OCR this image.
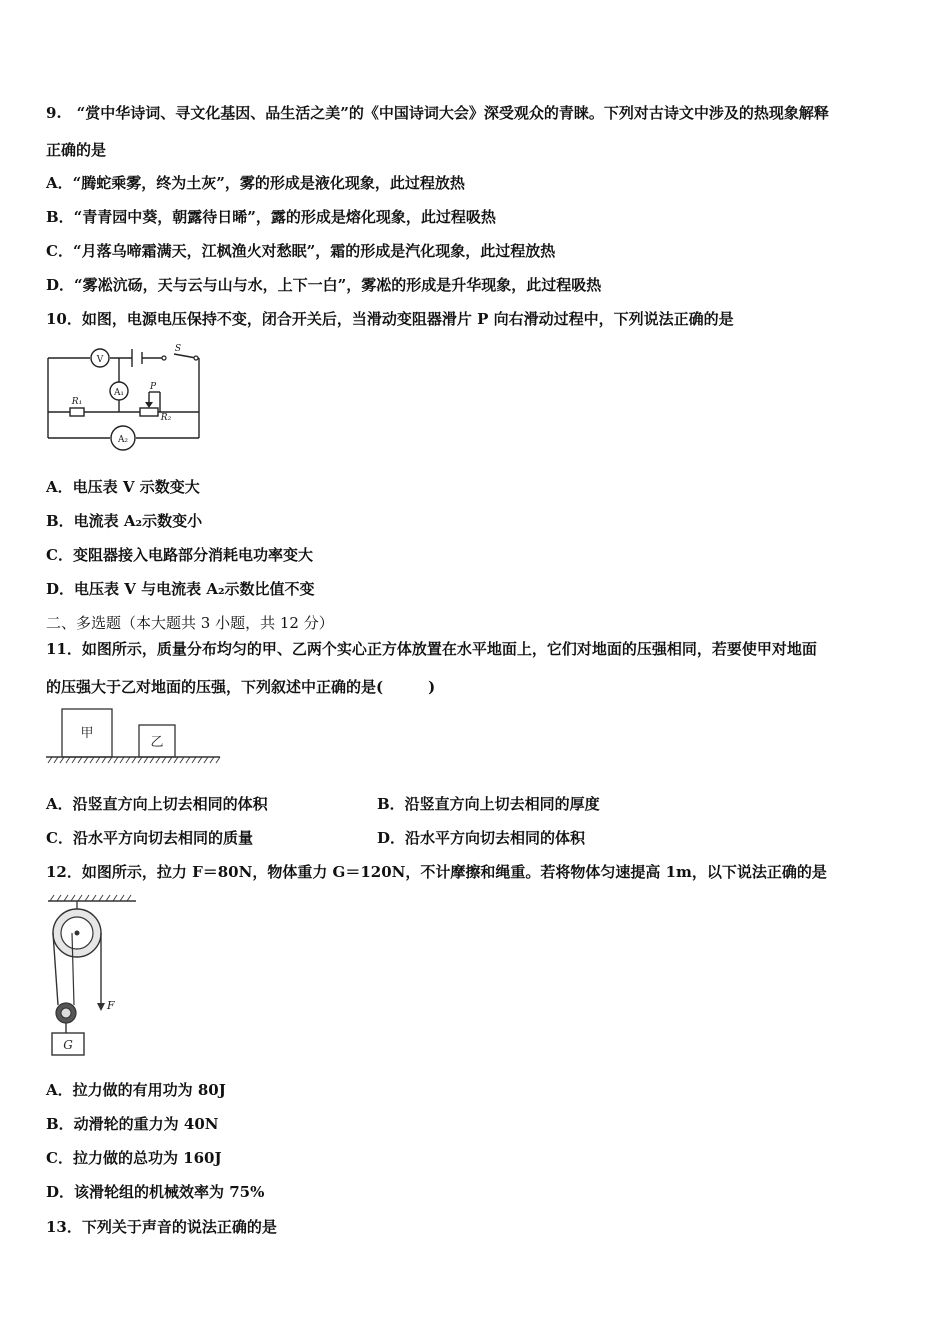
9.　“赏中华诗词、寻文化基因、品生活之美”的《中国诗词大会》深受观众的青睐。下列对古诗文中涉及的热现象解释
正确的是
A．“腾蛇乘雾，终为土灰”，雾的形成是液化现象，此过程放热
B．“青青园中葵，朝露待日晞”，露的形成是熔化现象，此过程吸热
C．“月落乌啼霜满天，江枫渔火对愁眠”，霜的形成是汽化现象，此过程放热
D．“雾凇沆砀，天与云与山与水，上下一白”，雾凇的形成是升华现象，此过程吸热
10．如图，电源电压保持不变，闭合开关后，当滑动变阻器滑片 P 向右滑动过程中，下列说法正确的是
V
A₁
A₂
S
P
R₁
R₂
A．电压表 V 示数变大
B．电流表 A₂示数变小
C．变阻器接入电路部分消耗电功率变大
D．电压表 V 与电流表 A₂示数比值不变
二、多选题（本大题共 3 小题，共 12 分）
11．如图所示，质量分布均匀的甲、乙两个实心正方体放置在水平地面上，它们对地面的压强相同，若要使甲对地面
的压强大于乙对地面的压强，下列叙述中正确的是(　　　)
甲
乙
A．沿竖直方向上切去相同的体积	B．沿竖直方向上切去相同的厚度
C．沿水平方向切去相同的质量	D．沿水平方向切去相同的体积
12．如图所示，拉力 F＝80N，物体重力 G＝120N，不计摩擦和绳重。若将物体匀速提高 1m，以下说法正确的是
G
F
A．拉力做的有用功为 80J
B．动滑轮的重力为 40N
C．拉力做的总功为 160J
D．该滑轮组的机械效率为 75%
13．下列关于声音的说法正确的是
